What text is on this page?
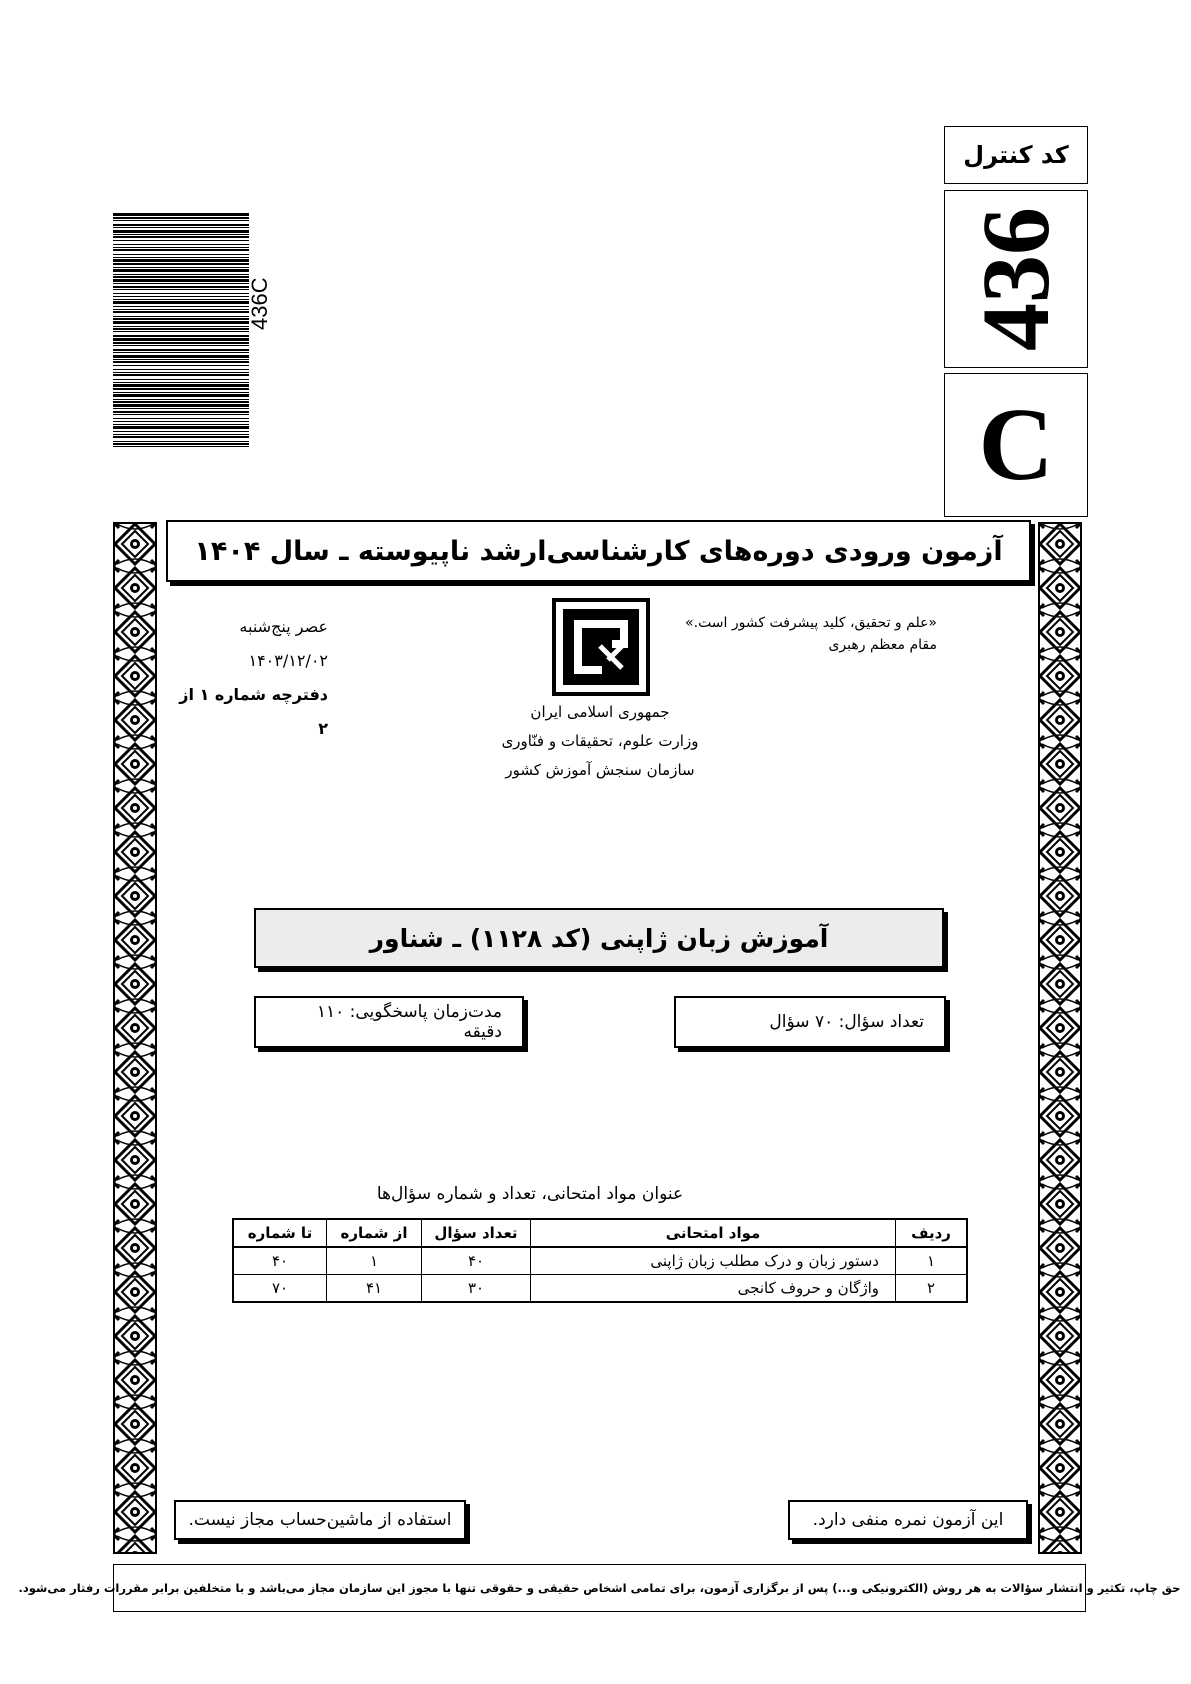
کد کنترل
436
C
436C
آزمون ورودی دوره‌های کارشناسی‌ارشد ناپیوسته ـ سال ۱۴۰۴
«علم و تحقیق، کلید پیشرفت کشور است.»
مقام معظم رهبری
عصر پنج‌شنبه
۱۴۰۳/۱۲/۰۲
دفترچه شماره ۱ از ۲
جمهوری اسلامی ایران
وزارت علوم، تحقیقات و فنّاوری
سازمان سنجش آموزش کشور
آموزش زبان ژاپنی (کد ۱۱۲۸) ـ شناور
تعداد سؤال: ۷۰ سؤال
مدت‌زمان پاسخگویی: ۱۱۰ دقیقه
عنوان مواد امتحانی، تعداد و شماره سؤال‌ها
ردیف	مواد امتحانی	تعداد سؤال	از شماره	تا شماره
۱	دستور زبان و درک مطلب زبان ژاپنی	۴۰	۱	۴۰
۲	واژگان و حروف کانجی	۳۰	۴۱	۷۰
این آزمون نمره منفی دارد.
استفاده از ماشین‌حساب مجاز نیست.
حق چاپ، تکثیر و انتشار سؤالات به هر روش (الکترونیکی و...) پس از برگزاری آزمون، برای تمامی اشخاص حقیقی و حقوقی تنها با مجوز این سازمان مجاز می‌باشد و با متخلفین برابر مقررات رفتار می‌شود.
